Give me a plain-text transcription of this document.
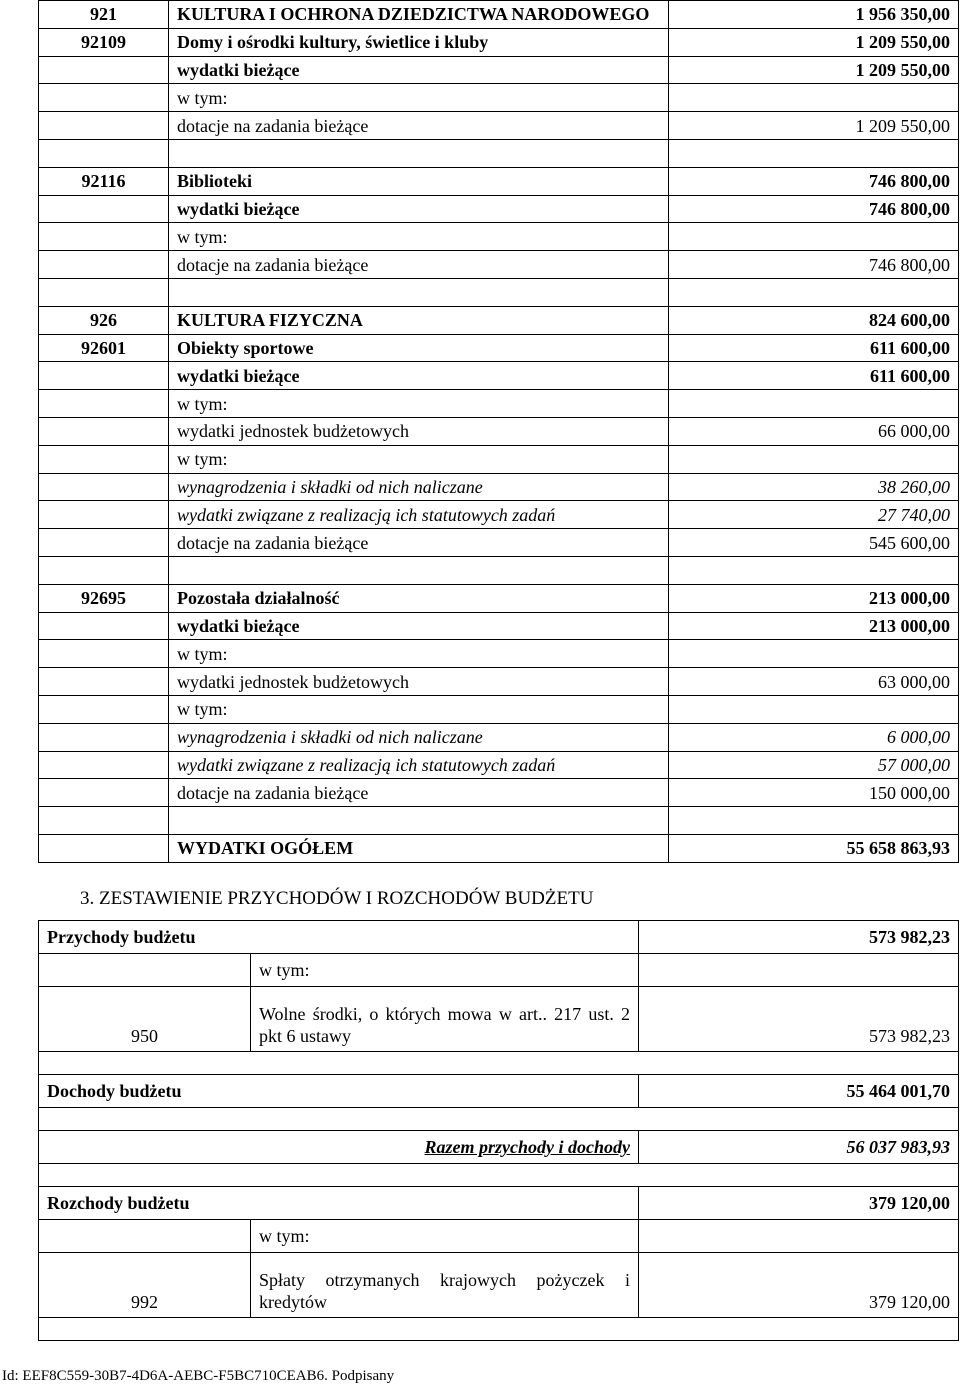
921	KULTURA I OCHRONA DZIEDZICTWA NARODOWEGO	1 956 350,00
92109	Domy i ośrodki kultury, świetlice i kluby	1 209 550,00
	wydatki bieżące	1 209 550,00
	w tym:	
	dotacje na zadania bieżące	1 209 550,00

92116	Biblioteki	746 800,00
	wydatki bieżące	746 800,00
	w tym:	
	dotacje na zadania bieżące	746 800,00

926	KULTURA FIZYCZNA	824 600,00
92601	Obiekty sportowe	611 600,00
	wydatki bieżące	611 600,00
	w tym:	
	wydatki jednostek budżetowych	66 000,00
	w tym:	
	wynagrodzenia i składki od nich naliczane	38 260,00
	wydatki związane z realizacją ich statutowych zadań	27 740,00
	dotacje na zadania bieżące	545 600,00

92695	Pozostała działalność	213 000,00
	wydatki bieżące	213 000,00
	w tym:	
	wydatki jednostek budżetowych	63 000,00
	w tym:	
	wynagrodzenia i składki od nich naliczane	6 000,00
	wydatki związane z realizacją ich statutowych zadań	57 000,00
	dotacje na zadania bieżące	150 000,00

	WYDATKI OGÓŁEM	55 658 863,93
3. ZESTAWIENIE PRZYCHODÓW I ROZCHODÓW BUDŻETU
Przychody budżetu		573 982,23
	w tym:	
950	Wolne środki, o których mowa w art.. 217 ust. 2 pkt 6 ustawy	573 982,23

Dochody budżetu		55 464 001,70

Razem przychody i dochody		56 037 983,93

Rozchody budżetu		379 120,00
	w tym:	
992	Spłaty otrzymanych krajowych pożyczek i kredytów	379 120,00

Id: EEF8C559-30B7-4D6A-AEBC-F5BC710CEAB6. Podpisany
